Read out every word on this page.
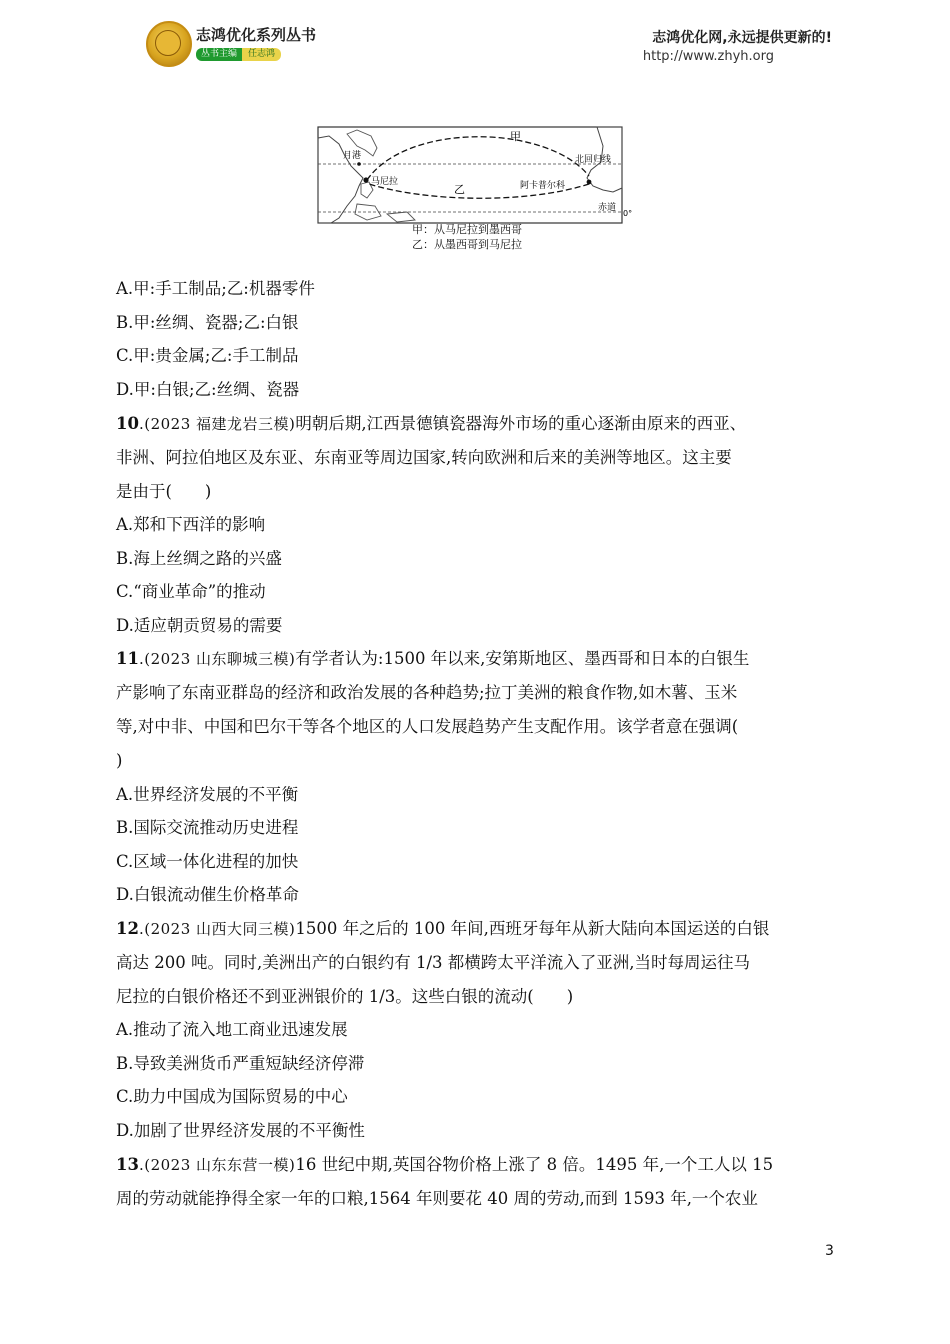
志鸿优化系列丛书
丛书主编	任志鸿
志鸿优化网,永远提供更新的!
http://www.zhyh.org
甲
乙
月港
马尼拉	阿卡普尔科
北回归线
赤道
0°
甲：从马尼拉到墨西哥
乙：从墨西哥到马尼拉
A.甲:手工制品;乙:机器零件
B.甲:丝绸、瓷器;乙:白银
C.甲:贵金属;乙:手工制品
D.甲:白银;乙:丝绸、瓷器
10.(2023 福建龙岩三模)明朝后期,江西景德镇瓷器海外市场的重心逐渐由原来的西亚、
非洲、阿拉伯地区及东亚、东南亚等周边国家,转向欧洲和后来的美洲等地区。这主要
是由于(　　)
A.郑和下西洋的影响
B.海上丝绸之路的兴盛
C.“商业革命”的推动
D.适应朝贡贸易的需要
11.(2023 山东聊城三模)有学者认为:1500 年以来,安第斯地区、墨西哥和日本的白银生
产影响了东南亚群岛的经济和政治发展的各种趋势;拉丁美洲的粮食作物,如木薯、玉米
等,对中非、中国和巴尔干等各个地区的人口发展趋势产生支配作用。该学者意在强调(
)
A.世界经济发展的不平衡
B.国际交流推动历史进程
C.区域一体化进程的加快
D.白银流动催生价格革命
12.(2023 山西大同三模)1500 年之后的 100 年间,西班牙每年从新大陆向本国运送的白银
高达 200 吨。同时,美洲出产的白银约有 1/3 都横跨太平洋流入了亚洲,当时每周运往马
尼拉的白银价格还不到亚洲银价的 1/3。这些白银的流动(　　)
A.推动了流入地工商业迅速发展
B.导致美洲货币严重短缺经济停滞
C.助力中国成为国际贸易的中心
D.加剧了世界经济发展的不平衡性
13.(2023 山东东营一模)16 世纪中期,英国谷物价格上涨了 8 倍。1495 年,一个工人以 15
周的劳动就能挣得全家一年的口粮,1564 年则要花 40 周的劳动,而到 1593 年,一个农业
3
